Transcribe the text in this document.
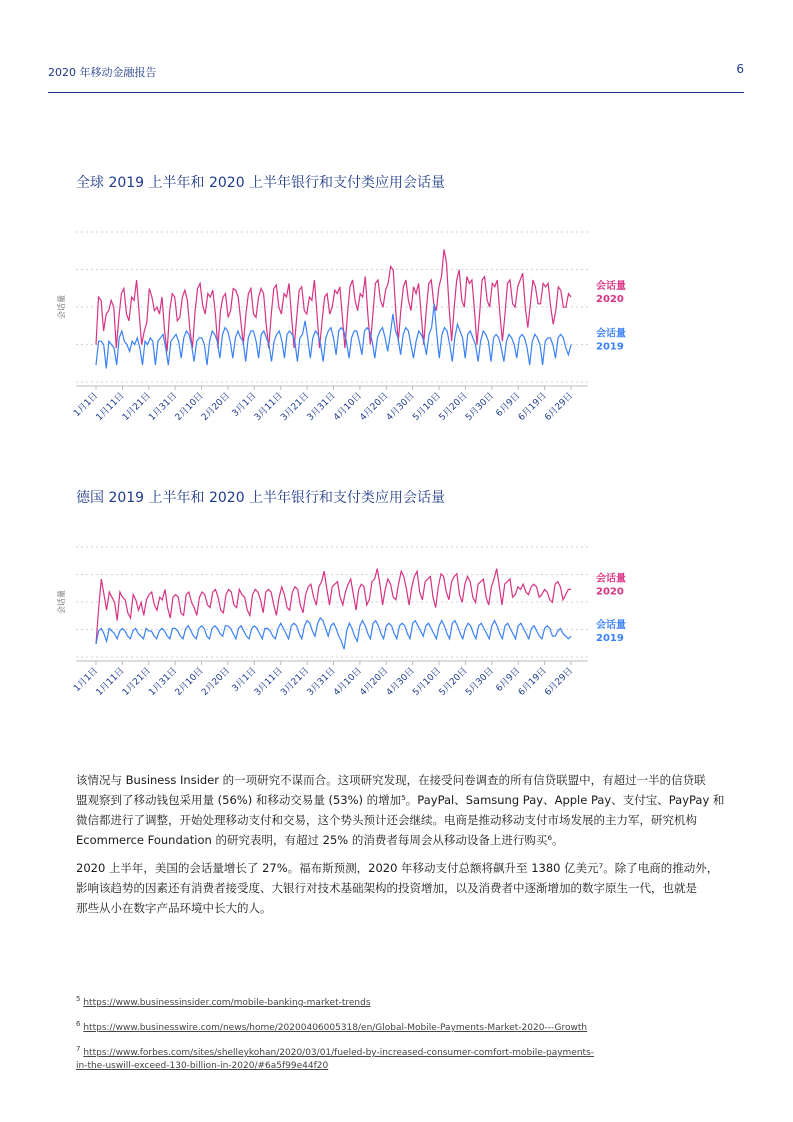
2020 年移动金融报告	6
全球 2019 上半年和 2020 上半年银行和支付类应用会话量
会话量
会话量
2020
会话量
2019
1月1日
1月11日
1月21日
1月31日
2月10日
2月20日
3月1日
3月11日
3月21日
3月31日
4月10日
4月20日
4月30日
5月10日
5月20日
5月30日
6月9日
6月19日
6月29日
德国 2019 上半年和 2020 上半年银行和支付类应用会话量
会话量
会话量
2020
会话量
2019
1月1日
1月11日
1月21日
1月31日
2月10日
2月20日
3月1日
3月11日
3月21日
3月31日
4月10日
4月20日
4月30日
5月10日
5月20日
5月30日
6月9日
6月19日
6月29日

该情况与 Business Insider 的一项研究不谋而合。这项研究发现，在接受问卷调查的所有信贷联盟中，有超过一半的信贷联

盟观察到了移动钱包采用量 (56%) 和移动交易量 (53%) 的增加⁵。PayPal、Samsung Pay、Apple Pay、支付宝、PayPay 和

微信都进行了调整，开始处理移动支付和交易，这个势头预计还会继续。电商是推动移动支付市场发展的主力军，研究机构

Ecommerce Foundation 的研究表明，有超过 25% 的消费者每周会从移动设备上进行购买⁶。

2020 上半年，美国的会话量增长了 27%。福布斯预测，2020 年移动支付总额将飙升至 1380 亿美元⁷。除了电商的推动外，

影响该趋势的因素还有消费者接受度、大银行对技术基础架构的投资增加，以及消费者中逐渐增加的数字原生一代，也就是

那些从小在数字产品环境中长大的人。

$^5$ https://www.businessinsider.com/mobile-banking-market-trends
$^6$ https://www.businesswire.com/news/home/20200406005318/en/Global-Mobile-Payments-Market-2020---Growth
$^7$ https://www.forbes.com/sites/shelleykohan/2020/03/01/fueled-by-increased-consumer-comfort-mobile-payments-
in-the-uswill-exceed-130-billion-in-2020/#6a5f99e44f20
